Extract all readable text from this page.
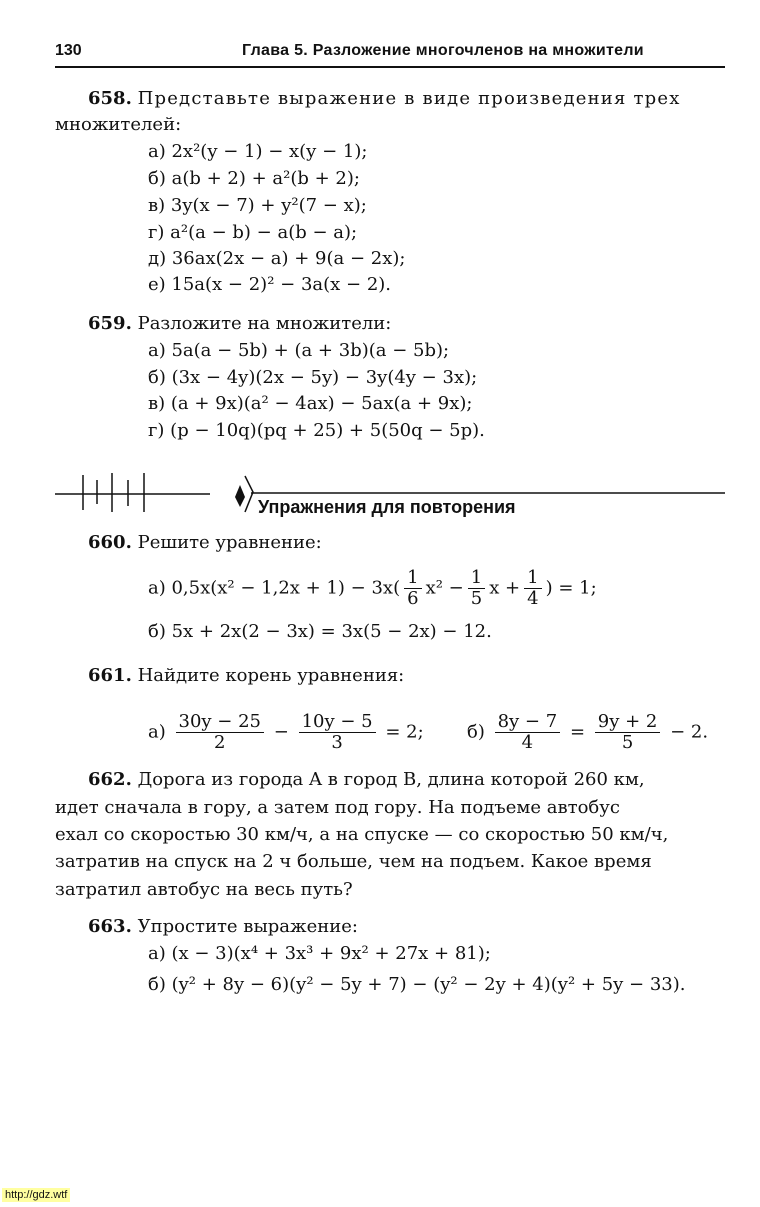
130	Глава 5. Разложение многочленов на множители
658. Представьте выражение в виде произведения трех
множителей:
а) 2x²(y − 1) − x(y − 1);
б) a(b + 2) + a²(b + 2);
в) 3y(x − 7) + y²(7 − x);
г) a²(a − b) − a(b − a);
д) 36ax(2x − a) + 9(a − 2x);
е) 15a(x − 2)² − 3a(x − 2).
659. Разложите на множители:
а) 5a(a − 5b) + (a + 3b)(a − 5b);
б) (3x − 4y)(2x − 5y) − 3y(4y − 3x);
в) (a + 9x)(a² − 4ax) − 5ax(a + 9x);
г) (p − 10q)(pq + 25) + 5(50q − 5p).
Упражнения для повторения
660. Решите уравнение:
а) $0,5x(x^2 - 1,2x + 1) - 3x( \frac{1}{6} x^2 - \frac{1}{5}$ $x + \frac{1}{4}$ ) = 1;
б) 5x + 2x(2 − 3x) = 3x(5 − 2x) − 12.
661. Найдите корень уравнения:
$а) \frac{30y - 25}{2} - \frac{10y - 5}{3} = 2$; $б) \frac{8y - 7}{4} = \frac{9y + 2}{5} - 2$.
662. Дорога из города A в город B, длина которой 260 км,
идет сначала в гору, а затем под гору. На подъеме автобус
ехал со скоростью 30 км/ч, а на спуске — со скоростью 50 км/ч,
затратив на спуск на 2 ч больше, чем на подъем. Какое время
затратил автобус на весь путь?
663. Упростите выражение:
а) (x − 3)(x⁴ + 3x³ + 9x² + 27x + 81);
б) (y² + 8y − 6)(y² − 5y + 7) − (y² − 2y + 4)(y² + 5y − 33).
http://gdz.wtf
